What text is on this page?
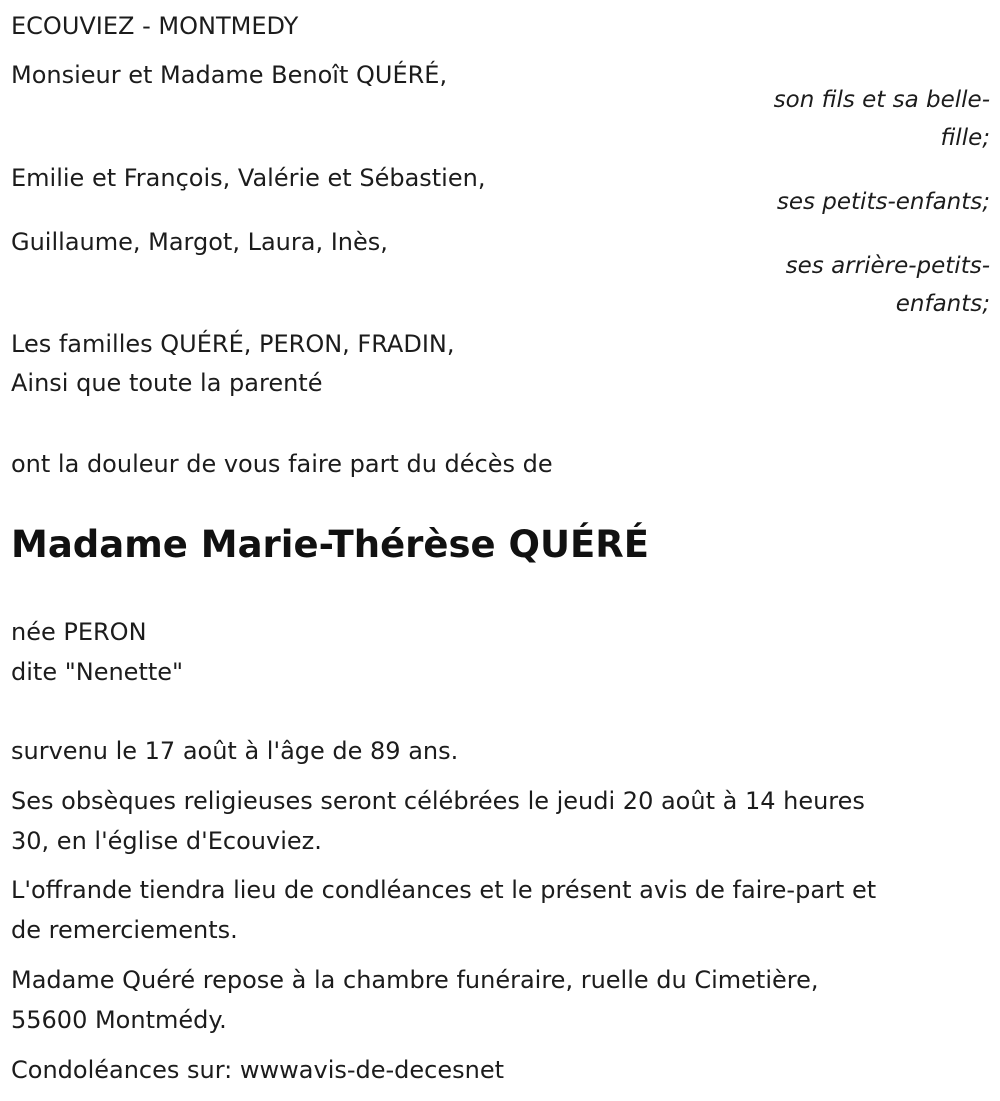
ECOUVIEZ - MONTMEDY

Monsieur et Madame Benoît QUÉRÉ,

son fils et sa belle-

fille;

Emilie et François, Valérie et Sébastien,

ses petits-enfants;

Guillaume, Margot, Laura, Inès,

ses arrière-petits-

enfants;

Les familles QUÉRÉ, PERON, FRADIN,

Ainsi que toute la parenté

ont la douleur de vous faire part du décès de

Madame Marie-Thérèse QUÉRÉ

née PERON

dite "Nenette"

survenu le 17 août à l'âge de 89 ans.

Ses obsèques religieuses seront célébrées le jeudi 20 août à 14 heures

30, en l'église d'Ecouviez.

L'offrande tiendra lieu de condléances et le présent avis de faire-part et

de remerciements.

Madame Quéré repose à la chambre funéraire, ruelle du Cimetière,

55600 Montmédy.

Condoléances sur: wwwavis-de-decesnet
